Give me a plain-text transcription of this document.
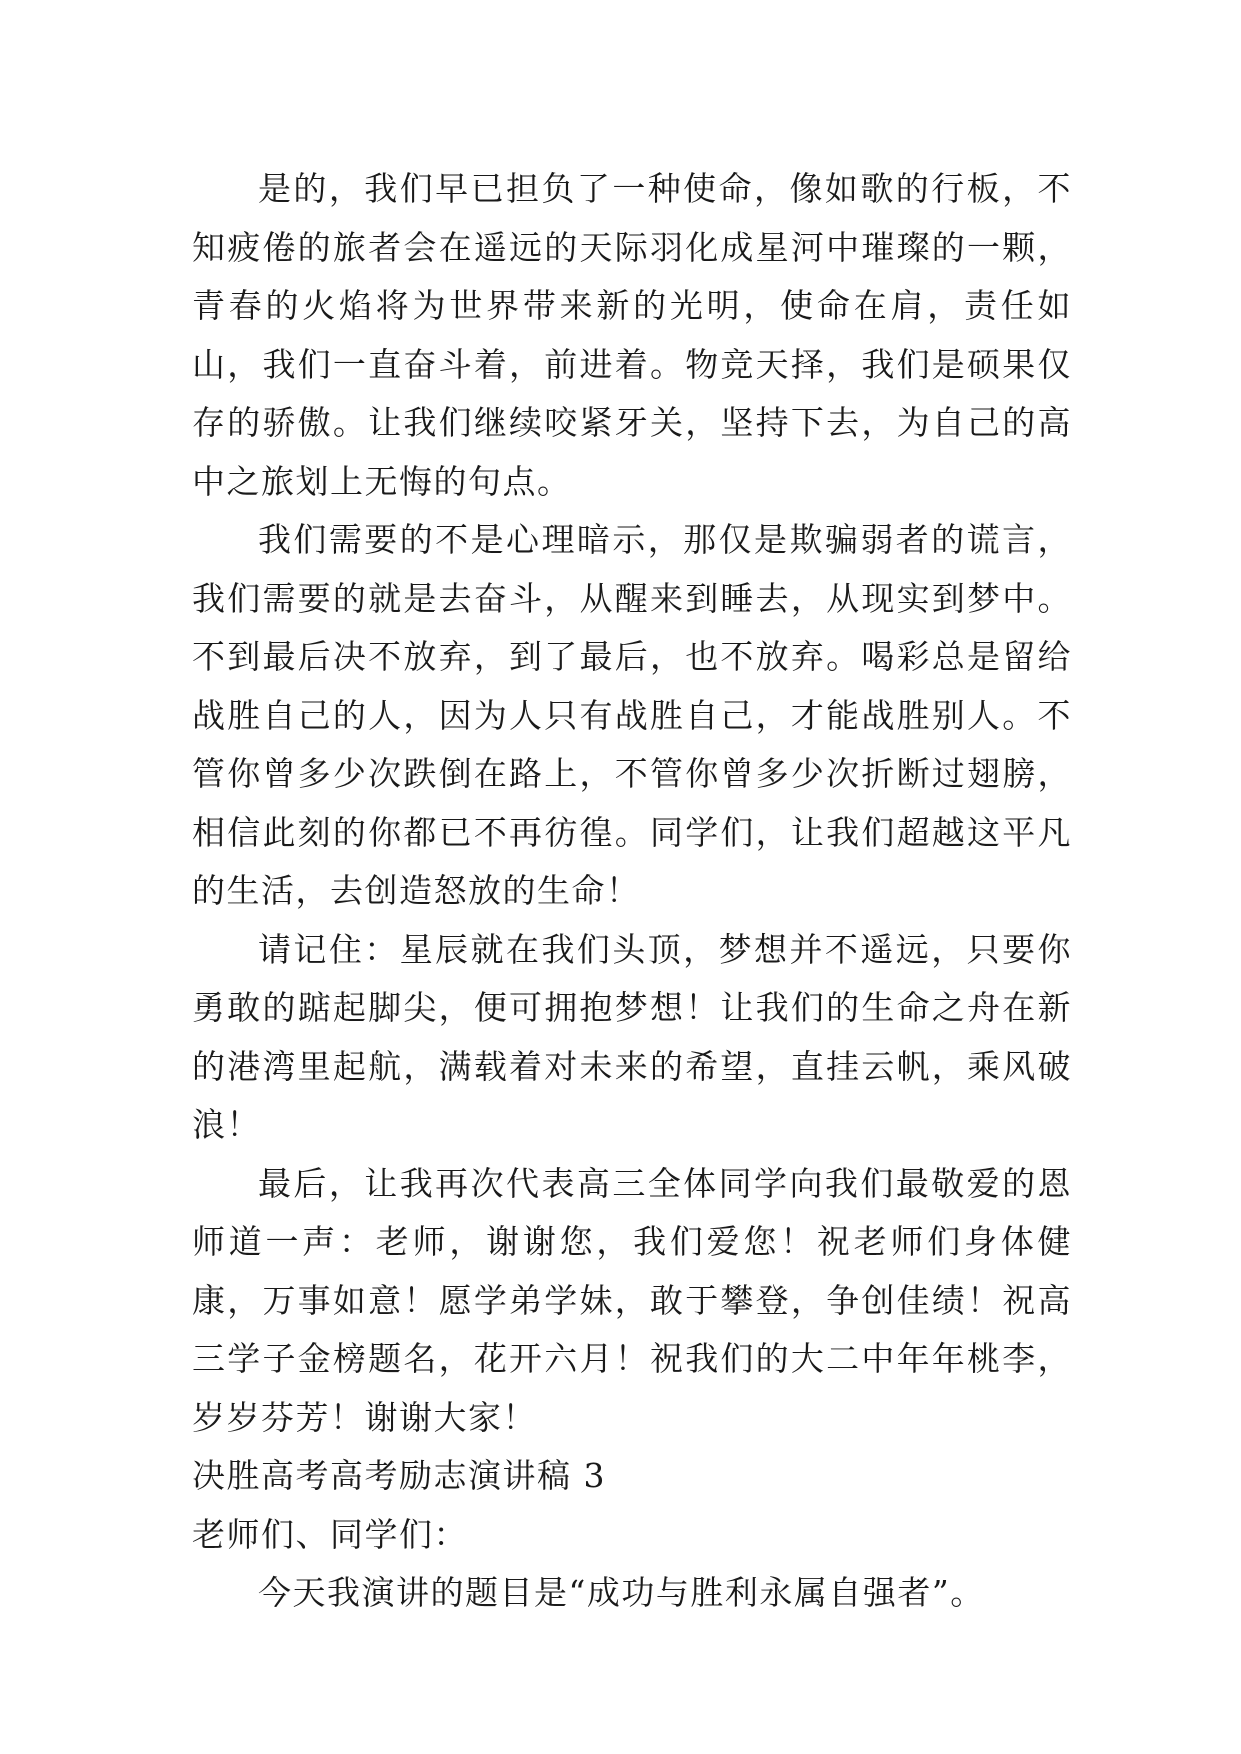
是的，我们早已担负了一种使命，像如歌的行板，不知疲倦的旅者会在遥远的天际羽化成星河中璀璨的一颗，青春的火焰将为世界带来新的光明，使命在肩，责任如山，我们一直奋斗着，前进着。物竞天择，我们是硕果仅存的骄傲。让我们继续咬紧牙关，坚持下去，为自己的高中之旅划上无悔的句点。

我们需要的不是心理暗示，那仅是欺骗弱者的谎言，我们需要的就是去奋斗，从醒来到睡去，从现实到梦中。不到最后决不放弃，到了最后，也不放弃。喝彩总是留给战胜自己的人，因为人只有战胜自己，才能战胜别人。不管你曾多少次跌倒在路上，不管你曾多少次折断过翅膀，相信此刻的你都已不再彷徨。同学们，让我们超越这平凡的生活，去创造怒放的生命！

请记住：星辰就在我们头顶，梦想并不遥远，只要你勇敢的踮起脚尖，便可拥抱梦想！让我们的生命之舟在新的港湾里起航，满载着对未来的希望，直挂云帆，乘风破浪！

最后，让我再次代表高三全体同学向我们最敬爱的恩师道一声：老师，谢谢您，我们爱您！祝老师们身体健康，万事如意！愿学弟学妹，敢于攀登，争创佳绩！祝高三学子金榜题名，花开六月！祝我们的大二中年年桃李，岁岁芬芳！谢谢大家！

决胜高考高考励志演讲稿 3

老师们、同学们：

今天我演讲的题目是“成功与胜利永属自强者”。
